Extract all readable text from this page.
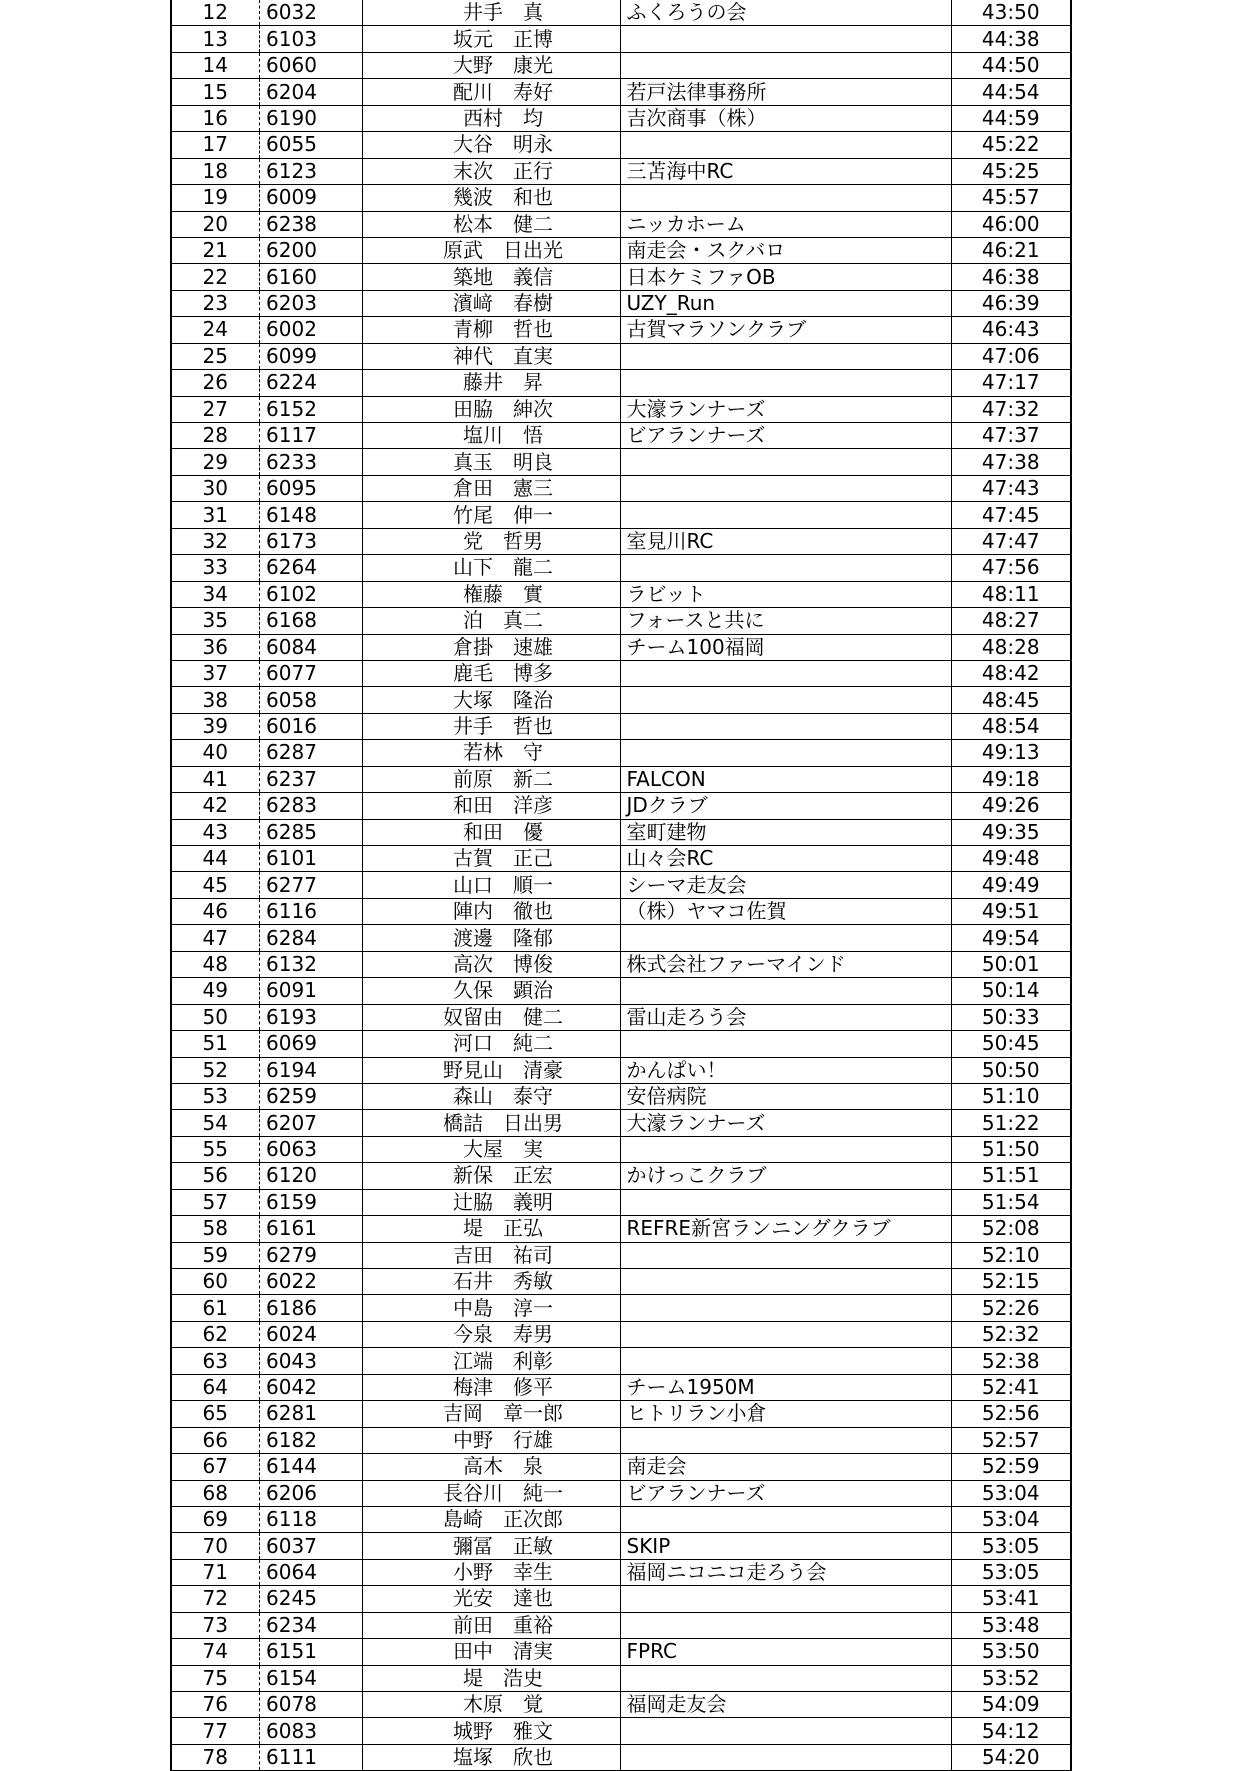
12	6032	井手　真	ふくろうの会	43:50
13	6103	坂元　正博		44:38
14	6060	大野　康光		44:50
15	6204	配川　寿好	若戸法律事務所	44:54
16	6190	西村　均	吉次商事（株）	44:59
17	6055	大谷　明永		45:22
18	6123	末次　正行	三苫海中RC	45:25
19	6009	幾波　和也		45:57
20	6238	松本　健二	ニッカホーム	46:00
21	6200	原武　日出光	南走会・スクバロ	46:21
22	6160	築地　義信	日本ケミファOB	46:38
23	6203	濱﨑　春樹	UZY_Run	46:39
24	6002	青柳　哲也	古賀マラソンクラブ	46:43
25	6099	神代　直実		47:06
26	6224	藤井　昇		47:17
27	6152	田脇　紳次	大濠ランナーズ	47:32
28	6117	塩川　悟	ビアランナーズ	47:37
29	6233	真玉　明良		47:38
30	6095	倉田　憲三		47:43
31	6148	竹尾　伸一		47:45
32	6173	党　哲男	室見川RC	47:47
33	6264	山下　龍二		47:56
34	6102	権藤　實	ラビット	48:11
35	6168	泊　真二	フォースと共に	48:27
36	6084	倉掛　速雄	チーム100福岡	48:28
37	6077	鹿毛　博多		48:42
38	6058	大塚　隆治		48:45
39	6016	井手　哲也		48:54
40	6287	若林　守		49:13
41	6237	前原　新二	FALCON	49:18
42	6283	和田　洋彦	JDクラブ	49:26
43	6285	和田　優	室町建物	49:35
44	6101	古賀　正己	山々会RC	49:48
45	6277	山口　順一	シーマ走友会	49:49
46	6116	陣内　徹也	（株）ヤマコ佐賀	49:51
47	6284	渡邊　隆郁		49:54
48	6132	高次　博俊	株式会社ファーマインド	50:01
49	6091	久保　顕治		50:14
50	6193	奴留由　健二	雷山走ろう会	50:33
51	6069	河口　純二		50:45
52	6194	野見山　清豪	かんぱい！	50:50
53	6259	森山　泰守	安倍病院	51:10
54	6207	橋詰　日出男	大濠ランナーズ	51:22
55	6063	大屋　実		51:50
56	6120	新保　正宏	かけっこクラブ	51:51
57	6159	辻脇　義明		51:54
58	6161	堤　正弘	REFRE新宮ランニングクラブ	52:08
59	6279	吉田　祐司		52:10
60	6022	石井　秀敏		52:15
61	6186	中島　淳一		52:26
62	6024	今泉　寿男		52:32
63	6043	江端　利彰		52:38
64	6042	梅津　修平	チーム1950M	52:41
65	6281	吉岡　章一郎	ヒトリラン小倉	52:56
66	6182	中野　行雄		52:57
67	6144	高木　泉	南走会	52:59
68	6206	長谷川　純一	ビアランナーズ	53:04
69	6118	島崎　正次郎		53:04
70	6037	彌冨　正敏	SKIP	53:05
71	6064	小野　幸生	福岡ニコニコ走ろう会	53:05
72	6245	光安　達也		53:41
73	6234	前田　重裕		53:48
74	6151	田中　清実	FPRC	53:50
75	6154	堤　浩史		53:52
76	6078	木原　覚	福岡走友会	54:09
77	6083	城野　雅文		54:12
78	6111	塩塚　欣也		54:20
